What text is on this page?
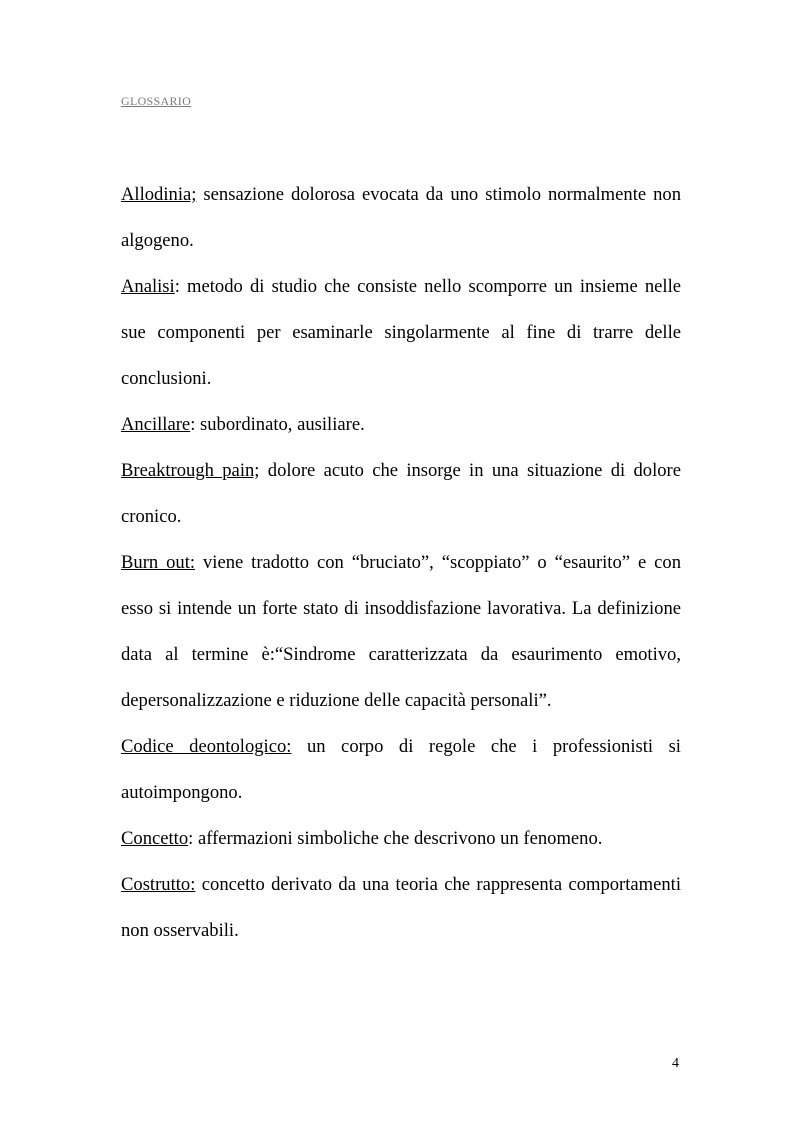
GLOSSARIO

Allodinia; sensazione dolorosa evocata da uno stimolo normalmente non algogeno.

Analisi: metodo di studio che consiste nello scomporre un insieme nelle sue componenti per esaminarle singolarmente al fine di trarre delle conclusioni.

Ancillare: subordinato, ausiliare.

Breaktrough pain; dolore acuto che insorge in una situazione di dolore cronico.

Burn out: viene tradotto con “bruciato”, “scoppiato” o “esaurito” e con esso si intende un forte stato di insoddisfazione lavorativa. La definizione data al termine è:“Sindrome caratterizzata da esaurimento emotivo, depersonalizzazione e riduzione delle capacità personali”.

Codice deontologico: un corpo di regole che i professionisti si autoimpongono.

Concetto: affermazioni simboliche che descrivono un fenomeno.

Costrutto: concetto derivato da una teoria che rappresenta comportamenti non osservabili.

4
